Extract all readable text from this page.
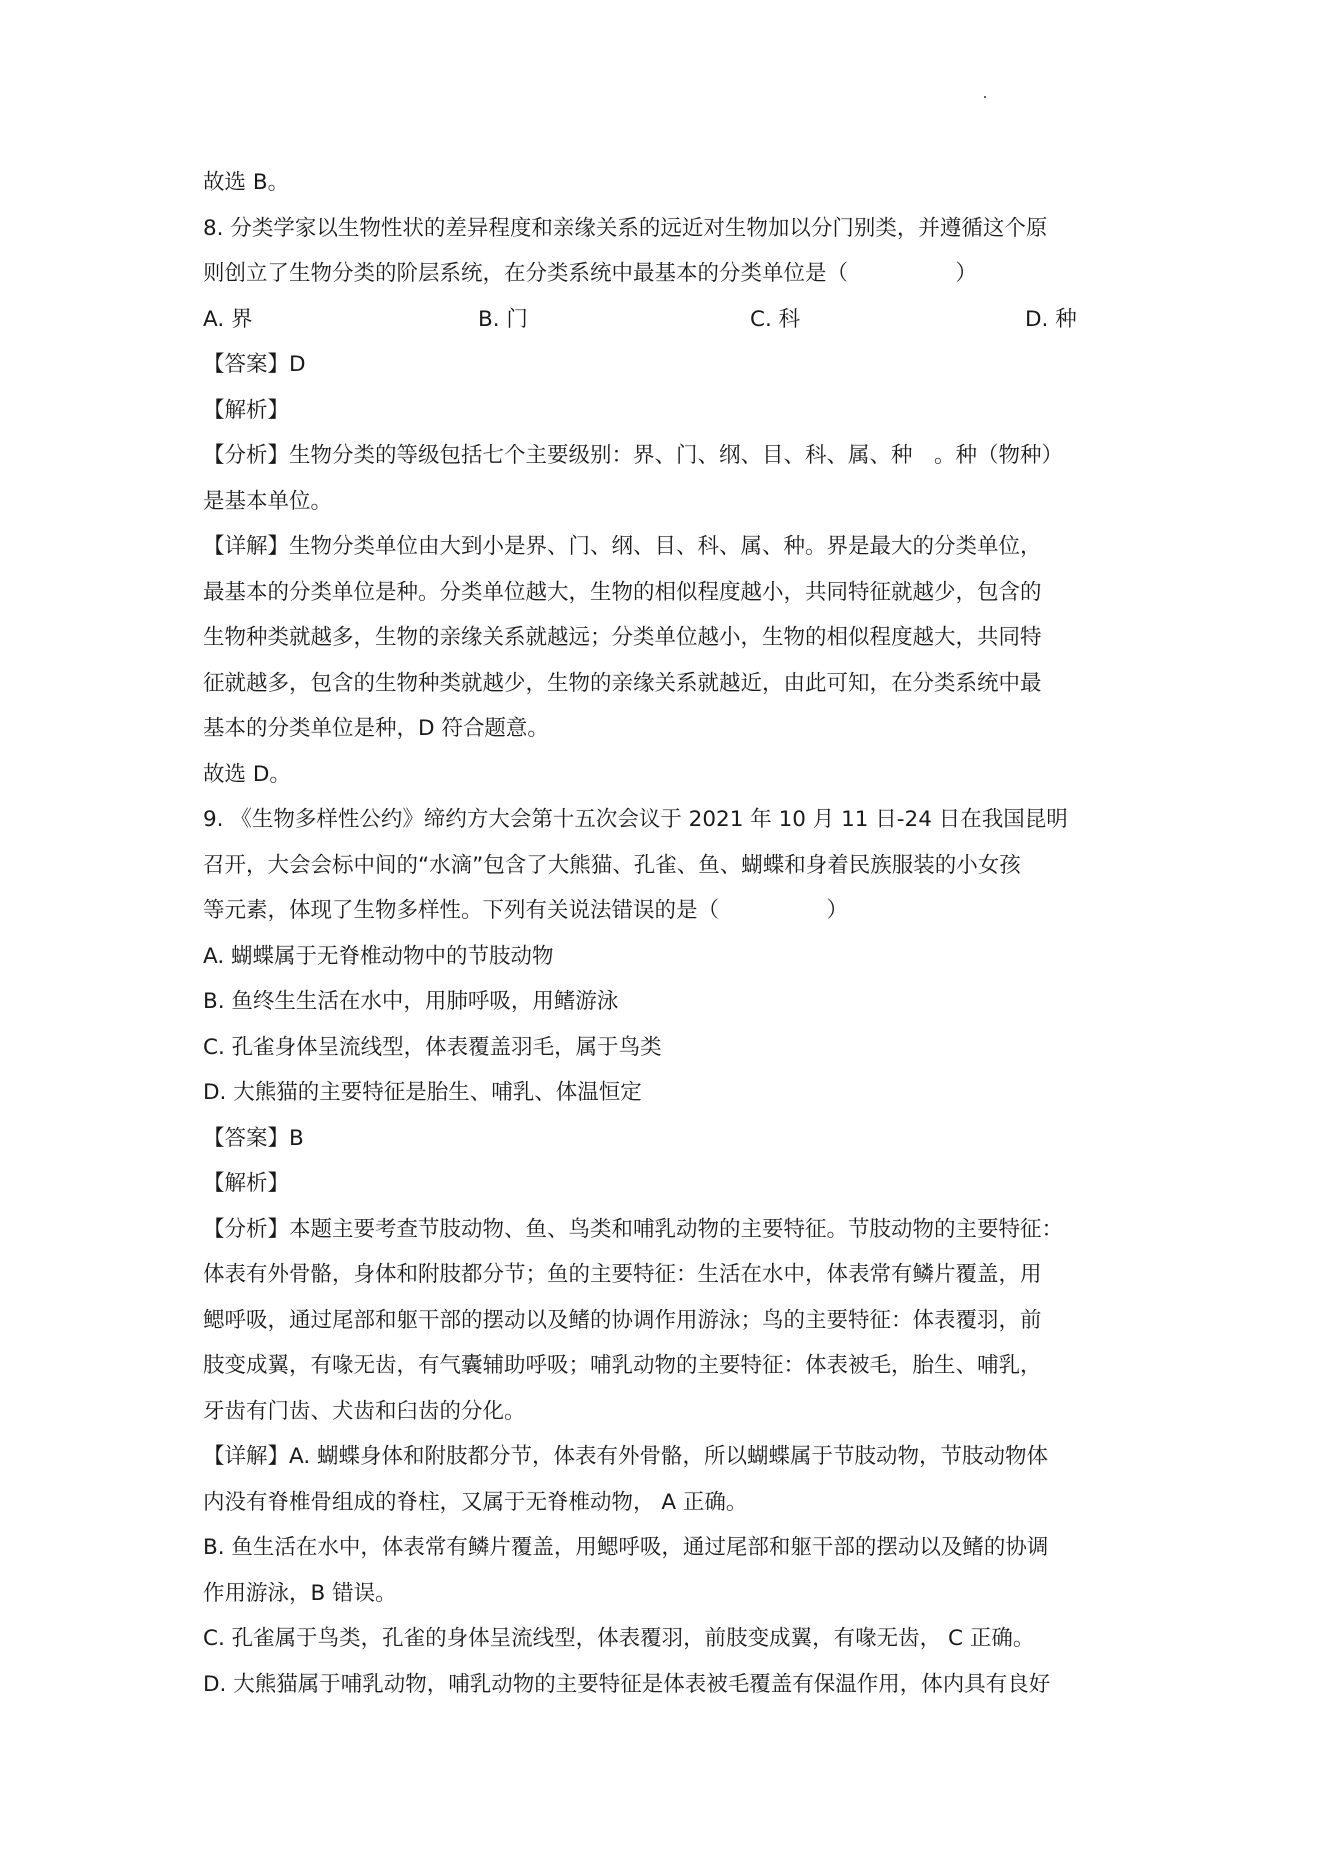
故选 B。
8. 分类学家以生物性状的差异程度和亲缘关系的远近对生物加以分门别类，并遵循这个原
则创立了生物分类的阶层系统，在分类系统中最基本的分类单位是（　　　　　）
A. 界	B. 门	C. 科	D. 种
【答案】D
【解析】
【分析】生物分类的等级包括七个主要级别：界、门、纲、目、科、属、种　。种（物种）
是基本单位。
【详解】生物分类单位由大到小是界、门、纲、目、科、属、种。界是最大的分类单位，
最基本的分类单位是种。分类单位越大，生物的相似程度越小，共同特征就越少，包含的
生物种类就越多，生物的亲缘关系就越远；分类单位越小，生物的相似程度越大，共同特
征就越多，包含的生物种类就越少，生物的亲缘关系就越近，由此可知，在分类系统中最
基本的分类单位是种，D 符合题意。
故选 D。
9. 《生物多样性公约》缔约方大会第十五次会议于 2021 年 10 月 11 日-24 日在我国昆明
召开，大会会标中间的“水滴”包含了大熊猫、孔雀、鱼、蝴蝶和身着民族服装的小女孩
等元素，体现了生物多样性。下列有关说法错误的是（　　　　　）
A. 蝴蝶属于无脊椎动物中的节肢动物
B. 鱼终生生活在水中，用肺呼吸，用鳍游泳
C. 孔雀身体呈流线型，体表覆盖羽毛，属于鸟类
D. 大熊猫的主要特征是胎生、哺乳、体温恒定
【答案】B
【解析】
【分析】本题主要考查节肢动物、鱼、鸟类和哺乳动物的主要特征。节肢动物的主要特征：
体表有外骨骼，身体和附肢都分节；鱼的主要特征：生活在水中，体表常有鳞片覆盖，用
鳃呼吸，通过尾部和躯干部的摆动以及鳍的协调作用游泳；鸟的主要特征：体表覆羽，前
肢变成翼，有喙无齿，有气囊辅助呼吸；哺乳动物的主要特征：体表被毛，胎生、哺乳，
牙齿有门齿、犬齿和臼齿的分化。
【详解】A. 蝴蝶身体和附肢都分节，体表有外骨骼，所以蝴蝶属于节肢动物，节肢动物体
内没有脊椎骨组成的脊柱，又属于无脊椎动物， A 正确。
B. 鱼生活在水中，体表常有鳞片覆盖，用鳃呼吸，通过尾部和躯干部的摆动以及鳍的协调
作用游泳，B 错误。
C. 孔雀属于鸟类，孔雀的身体呈流线型，体表覆羽，前肢变成翼，有喙无齿， C 正确。
D. 大熊猫属于哺乳动物，哺乳动物的主要特征是体表被毛覆盖有保温作用，体内具有良好
